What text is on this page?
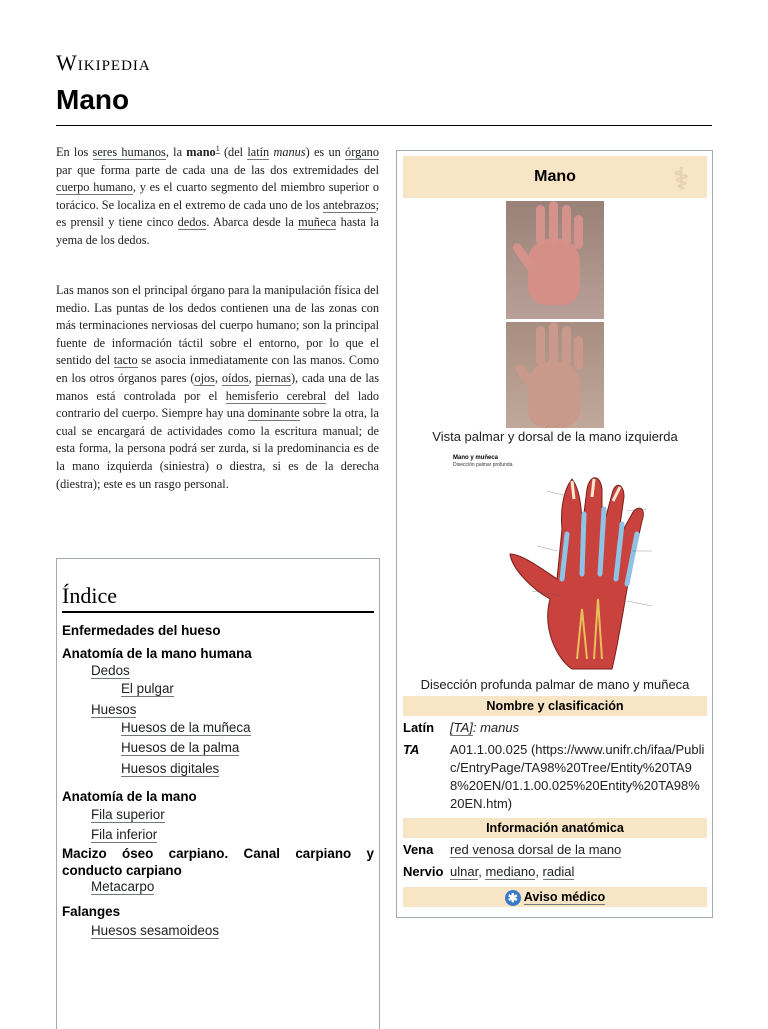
Wikipedia
Mano

En los seres humanos, la mano$^1$ (del latín manus) es un órgano par que forma parte de cada una de las dos extremidades del cuerpo humano, y es el cuarto segmento del miembro superior o torácico. Se localiza en el extremo de cada uno de los antebrazos; es prensil y tiene cinco dedos. Abarca desde la muñeca hasta la yema de los dedos.

Las manos son el principal órgano para la manipulación física del medio. Las puntas de los dedos contienen una de las zonas con más terminaciones nerviosas del cuerpo humano; son la principal fuente de información táctil sobre el entorno, por lo que el sentido del tacto se asocia inmediatamente con las manos. Como en los otros órganos pares (ojos, oídos, piernas), cada una de las manos está controlada por el hemisferio cerebral del lado contrario del cuerpo. Siempre hay una dominante sobre la otra, la cual se encargará de actividades como la escritura manual; de esta forma, la persona podrá ser zurda, si la predominancia es de la mano izquierda (siniestra) o diestra, si es de la derecha (diestra); este es un rasgo personal.

Índice
Enfermedades del hueso
Anatomía de la mano humana
Dedos
El pulgar
Huesos
Huesos de la muñeca
Huesos de la palma
Huesos digitales
Anatomía de la mano
Fila superior
Fila inferior
Macizo óseo carpiano. Canal carpiano y conducto carpiano
Metacarpo
Falanges
Huesos sesamoideos
Mano	⚕
Vista palmar y dorsal de la mano izquierda
Mano y muñeca
Disección palmar profunda
Disección profunda palmar de mano y muñeca
Nombre y clasificación
Latín [TA]: manus
TA A01.1.00.025 (https://www.unifr.ch/ifaa/Public/EntryPage/TA98%20Tree/Entity%20TA98%20EN/01.1.00.025%20Entity%20TA98%20EN.htm)
Información anatómica
Vena red venosa dorsal de la mano
Nervio ulnar, mediano, radial
✱ Aviso médico
